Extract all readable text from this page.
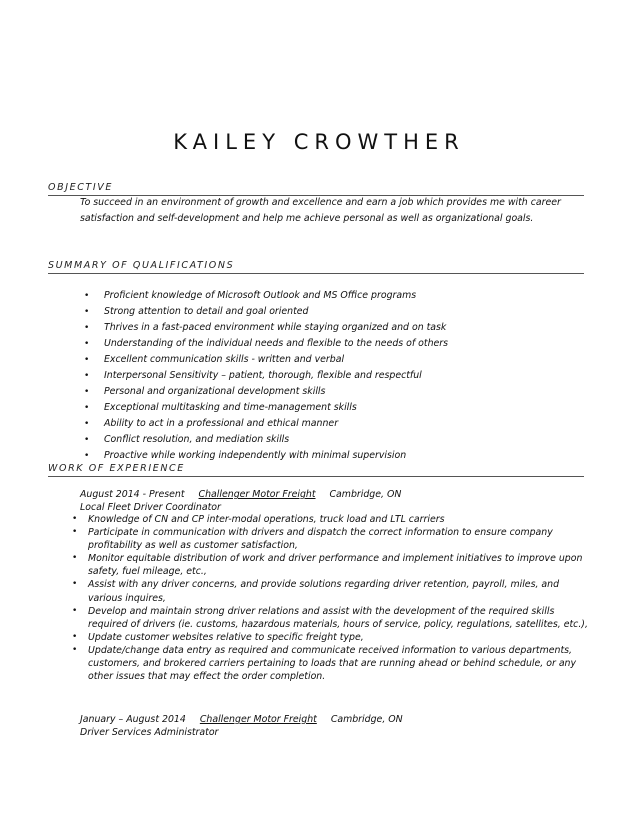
KAILEY CROWTHER
OBJECTIVE
To succeed in an environment of growth and excellence and earn a job which provides me with career satisfaction and self-development and help me achieve personal as well as organizational goals.
SUMMARY OF QUALIFICATIONS
• Proficient knowledge of Microsoft Outlook and MS Office programs
• Strong attention to detail and goal oriented
• Thrives in a fast-paced environment while staying organized and on task
• Understanding of the individual needs and flexible to the needs of others
• Excellent communication skills - written and verbal
• Interpersonal Sensitivity – patient, thorough, flexible and respectful
• Personal and organizational development skills
• Exceptional multitasking and time-management skills
• Ability to act in a professional and ethical manner
• Conflict resolution, and mediation skills
• Proactive while working independently with minimal supervision
WORK OF EXPERIENCE
August 2014 - Present Challenger Motor Freight Cambridge, ON
Local Fleet Driver Coordinator
• Knowledge of CN and CP inter-modal operations, truck load and LTL carriers
• Participate in communication with drivers and dispatch the correct information to ensure company profitability as well as customer satisfaction,
• Monitor equitable distribution of work and driver performance and implement initiatives to improve upon safety, fuel mileage, etc.,
• Assist with any driver concerns, and provide solutions regarding driver retention, payroll, miles, and various inquires,
• Develop and maintain strong driver relations and assist with the development of the required skills required of drivers (ie. customs, hazardous materials, hours of service, policy, regulations, satellites, etc.),
• Update customer websites relative to specific freight type,
• Update/change data entry as required and communicate received information to various departments, customers, and brokered carriers pertaining to loads that are running ahead or behind schedule, or any other issues that may effect the order completion.
January – August 2014 Challenger Motor Freight Cambridge, ON
Driver Services Administrator
